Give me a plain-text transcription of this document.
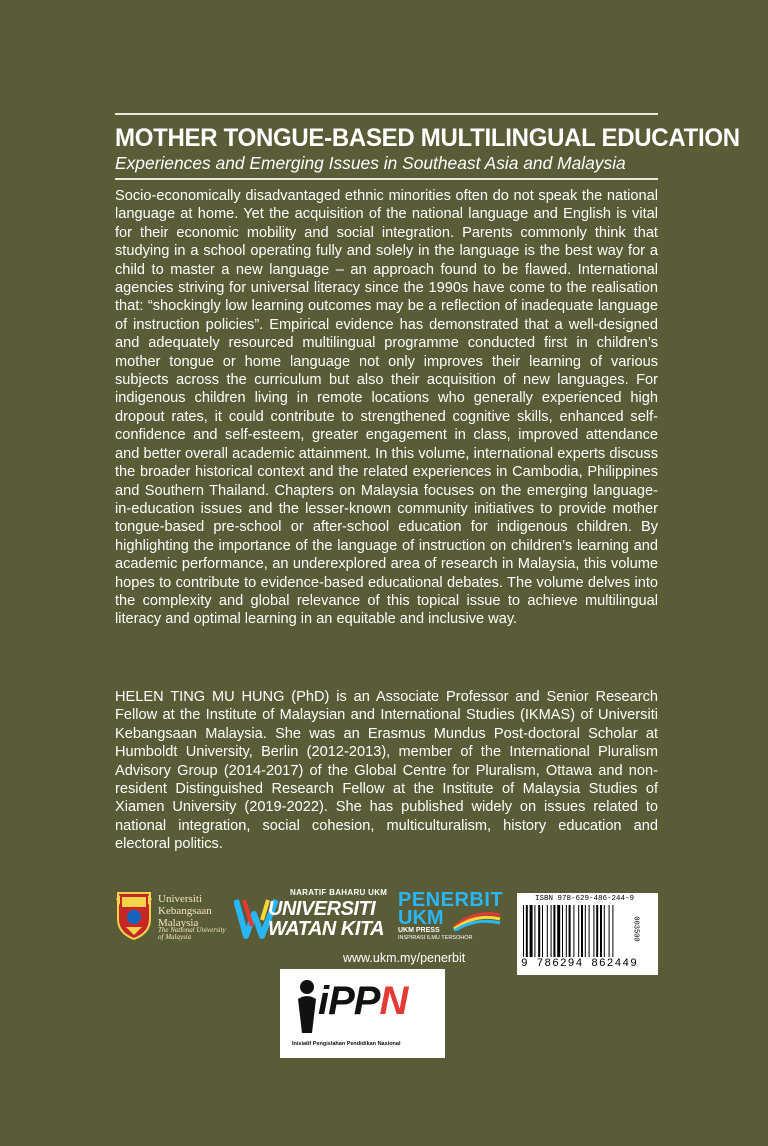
MOTHER TONGUE-BASED MULTILINGUAL EDUCATION
Experiences and Emerging Issues in Southeast Asia and Malaysia

Socio-economically disadvantaged ethnic minorities often do not speak the national language at home. Yet the acquisition of the national language and English is vital for their economic mobility and social integration. Parents commonly think that studying in a school operating fully and solely in the language is the best way for a child to master a new language – an approach found to be flawed. International agencies striving for universal literacy since the 1990s have come to the realisation that: “shockingly low learning outcomes may be a reflection of inadequate language of instruction policies”. Empirical evidence has demonstrated that a well-designed and adequately resourced multilingual programme conducted first in children’s mother tongue or home language not only improves their learning of various subjects across the curriculum but also their acquisition of new languages. For indigenous children living in remote locations who generally experienced high dropout rates, it could contribute to strengthened cognitive skills, enhanced self-confidence and self-esteem, greater engagement in class, improved attendance and better overall academic attainment. In this volume, international experts discuss the broader historical context and the related experiences in Cambodia, Philippines and Southern Thailand. Chapters on Malaysia focuses on the emerging language-in-education issues and the lesser-known community initiatives to provide mother tongue-based pre-school or after-school education for indigenous children. By highlighting the importance of the language of instruction on children’s learning and academic performance, an underexplored area of research in Malaysia, this volume hopes to contribute to evidence-based educational debates. The volume delves into the complexity and global relevance of this topical issue to achieve multilingual literacy and optimal learning in an equitable and inclusive way.

HELEN TING MU HUNG (PhD) is an Associate Professor and Senior Research Fellow at the Institute of Malaysian and International Studies (IKMAS) of Universiti Kebangsaan Malaysia. She was an Erasmus Mundus Post-doctoral Scholar at Humboldt University, Berlin (2012-2013), member of the International Pluralism Advisory Group (2014-2017) of the Global Centre for Pluralism, Ottawa and non-resident Distinguished Research Fellow at the Institute of Malaysia Studies of Xiamen University (2019-2022). She has published widely on issues related to national integration, social cohesion, multiculturalism, history education and electoral politics.

Universiti
Kebangsaan
Malaysia
The National University
of Malaysia
NARATIF BAHARU UKM
UNIVERSITI
WATAN KITA
PENERBIT
UKM
UKM PRESS
INSPIRASI ILMU TERSOHOR
www.ukm.my/penerbit
ISBN 978-629-486-244-9
9 786294 862449
003500
iPPN
Inisiatif Pengislahan Pendidikan Nasional
